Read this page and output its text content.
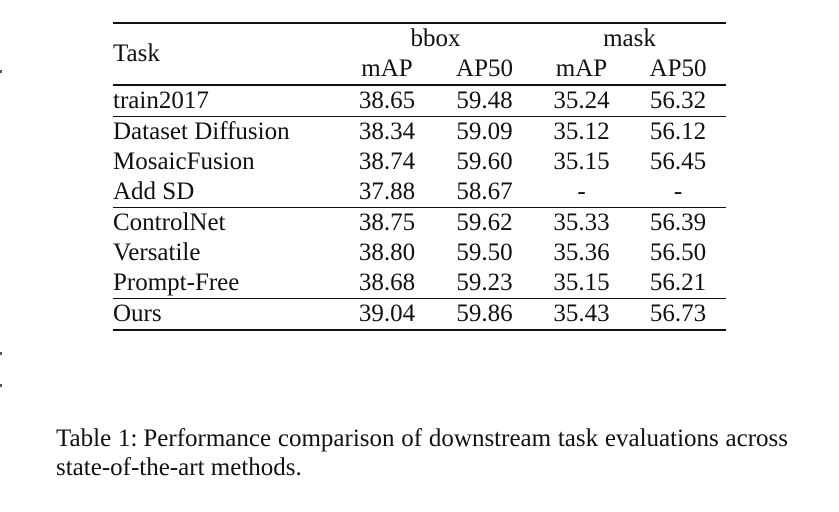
Task	bbox		mask	
	mAP	AP50	mAP	AP50
train2017	38.65	59.48	35.24	56.32
Dataset Diffusion	38.34	59.09	35.12	56.12
MosaicFusion	38.74	59.60	35.15	56.45
Add SD	37.88	58.67	-	-
ControlNet	38.75	59.62	35.33	56.39
Versatile	38.80	59.50	35.36	56.50
Prompt-Free	38.68	59.23	35.15	56.21
Ours	39.04	59.86	35.43	56.73
Table 1: Performance comparison of downstream task evaluations across state-of-the-art methods.
